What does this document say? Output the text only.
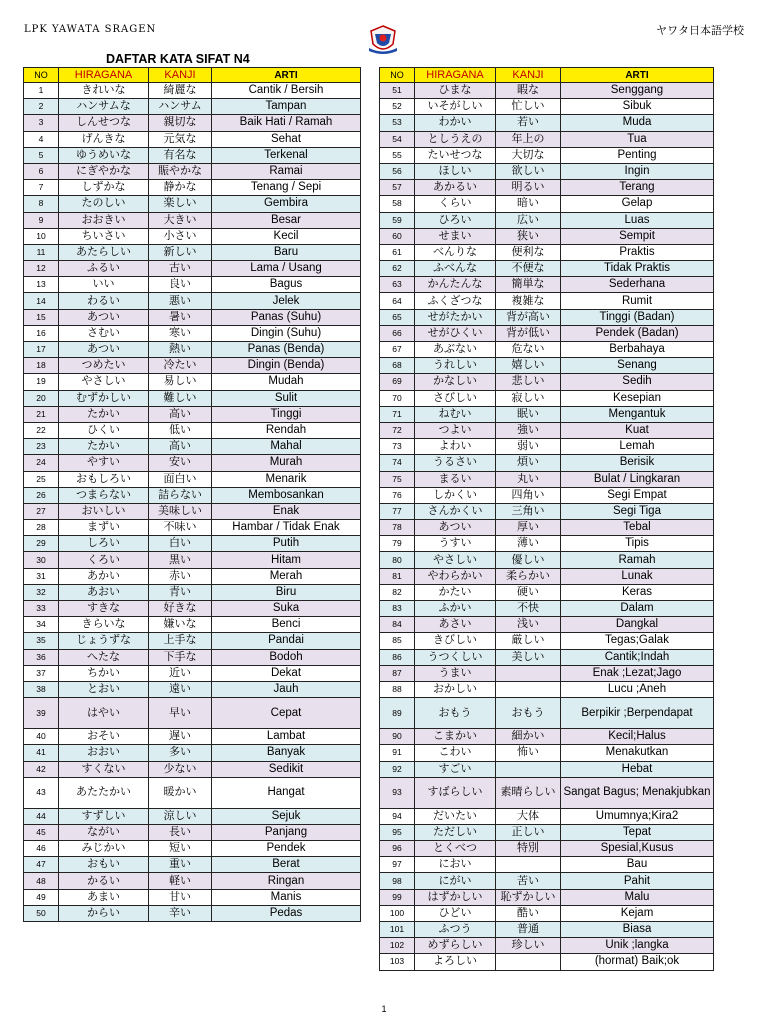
LPK YAWATA SRAGEN	ヤワタ日本語学校
DAFTAR KATA SIFAT N4
NO	HIRAGANA	KANJI	ARTI
1	きれいな	綺麗な	Cantik / Bersih
2	ハンサムな	ハンサム	Tampan
3	しんせつな	親切な	Baik Hati / Ramah
4	げんきな	元気な	Sehat
5	ゆうめいな	有名な	Terkenal
6	にぎやかな	賑やかな	Ramai
7	しずかな	静かな	Tenang / Sepi
8	たのしい	楽しい	Gembira
9	おおきい	大きい	Besar
10	ちいさい	小さい	Kecil
11	あたらしい	新しい	Baru
12	ふるい	古い	Lama / Usang
13	いい	良い	Bagus
14	わるい	悪い	Jelek
15	あつい	暑い	Panas (Suhu)
16	さむい	寒い	Dingin (Suhu)
17	あつい	熱い	Panas (Benda)
18	つめたい	冷たい	Dingin (Benda)
19	やさしい	易しい	Mudah
20	むずかしい	難しい	Sulit
21	たかい	高い	Tinggi
22	ひくい	低い	Rendah
23	たかい	高い	Mahal
24	やすい	安い	Murah
25	おもしろい	面白い	Menarik
26	つまらない	詰らない	Membosankan
27	おいしい	美味しい	Enak
28	まずい	不味い	Hambar / Tidak Enak
29	しろい	白い	Putih
30	くろい	黒い	Hitam
31	あかい	赤い	Merah
32	あおい	青い	Biru
33	すきな	好きな	Suka
34	きらいな	嫌いな	Benci
35	じょうずな	上手な	Pandai
36	へたな	下手な	Bodoh
37	ちかい	近い	Dekat
38	とおい	遠い	Jauh
39	はやい	早い	Cepat
40	おそい	遅い	Lambat
41	おおい	多い	Banyak
42	すくない	少ない	Sedikit
43	あたたかい	暖かい	Hangat
44	すずしい	涼しい	Sejuk
45	ながい	長い	Panjang
46	みじかい	短い	Pendek
47	おもい	重い	Berat
48	かるい	軽い	Ringan
49	あまい	甘い	Manis
50	からい	辛い	Pedas
NO	HIRAGANA	KANJI	ARTI
51	ひまな	暇な	Senggang
52	いそがしい	忙しい	Sibuk
53	わかい	若い	Muda
54	としうえの	年上の	Tua
55	たいせつな	大切な	Penting
56	ほしい	欲しい	Ingin
57	あかるい	明るい	Terang
58	くらい	暗い	Gelap
59	ひろい	広い	Luas
60	せまい	狭い	Sempit
61	べんりな	便利な	Praktis
62	ふべんな	不便な	Tidak Praktis
63	かんたんな	簡単な	Sederhana
64	ふくざつな	複雑な	Rumit
65	せがたかい	背が高い	Tinggi (Badan)
66	せがひくい	背が低い	Pendek (Badan)
67	あぶない	危ない	Berbahaya
68	うれしい	嬉しい	Senang
69	かなしい	悲しい	Sedih
70	さびしい	寂しい	Kesepian
71	ねむい	眠い	Mengantuk
72	つよい	強い	Kuat
73	よわい	弱い	Lemah
74	うるさい	煩い	Berisik
75	まるい	丸い	Bulat / Lingkaran
76	しかくい	四角い	Segi Empat
77	さんかくい	三角い	Segi Tiga
78	あつい	厚い	Tebal
79	うすい	薄い	Tipis
80	やさしい	優しい	Ramah
81	やわらかい	柔らかい	Lunak
82	かたい	硬い	Keras
83	ふかい	不快	Dalam
84	あさい	浅い	Dangkal
85	きびしい	厳しい	Tegas;Galak
86	うつくしい	美しい	Cantik;Indah
87	うまい		Enak ;Lezat;Jago
88	おかしい		Lucu ;Aneh
89	おもう	おもう	Berpikir ;Berpendapat
90	こまかい	細かい	Kecil;Halus
91	こわい	怖い	Menakutkan
92	すごい		Hebat
93	すばらしい	素晴らしい	Sangat Bagus; Menakjubkan
94	だいたい	大体	Umumnya;Kira2
95	ただしい	正しい	Tepat
96	とくべつ	特別	Spesial,Kusus
97	におい		Bau
98	にがい	苦い	Pahit
99	はずかしい	恥ずかしい	Malu
100	ひどい	酷い	Kejam
101	ふつう	普通	Biasa
102	めずらしい	珍しい	Unik ;langka
103	よろしい		(hormat) Baik;ok
1
